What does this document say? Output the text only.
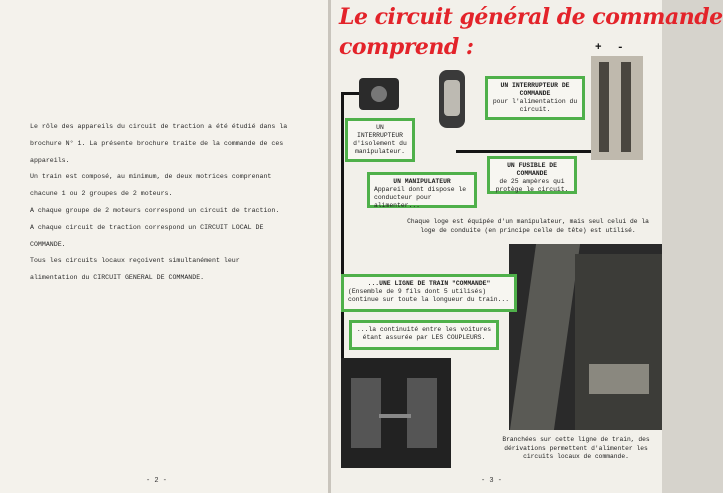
Le rôle des appareils du circuit de traction a été étudié dans la brochure N° 1. La présente brochure traite de la commande de ces appareils.

Un train est composé, au minimum, de deux motrices comprenant chacune 1 ou 2 groupes de 2 moteurs.

A chaque groupe de 2 moteurs correspond un circuit de traction.

A chaque circuit de traction correspond un CIRCUIT LOCAL DE COMMANDE.

Tous les circuits locaux reçoivent simultanément leur alimentation du CIRCUIT GENERAL DE COMMANDE.

- 2 -
Le circuit général de commande
comprend :	+ -
UN INTERRUPTEUR d'isolement du manipulateur.
UN INTERRUPTEUR DE COMMANDE
pour l'alimentation du circuit.
UN FUSIBLE DE COMMANDE
de 25 ampères qui protège le circuit.
UN MANIPULATEUR
Appareil dont dispose le conducteur pour alimenter...
Chaque loge est équipée d'un manipulateur, mais seul celui de la loge de conduite (en principe celle de tête) est utilisé.
...UNE LIGNE DE TRAIN "COMMANDE"
(Ensemble de 9 fils dont 5 utilisés) continue sur toute la longueur du train...
...la continuité entre les voitures étant assurée par LES COUPLEURS.
Branchées sur cette ligne de train, des dérivations permettent d'alimenter les circuits locaux de commande.
- 3 -
